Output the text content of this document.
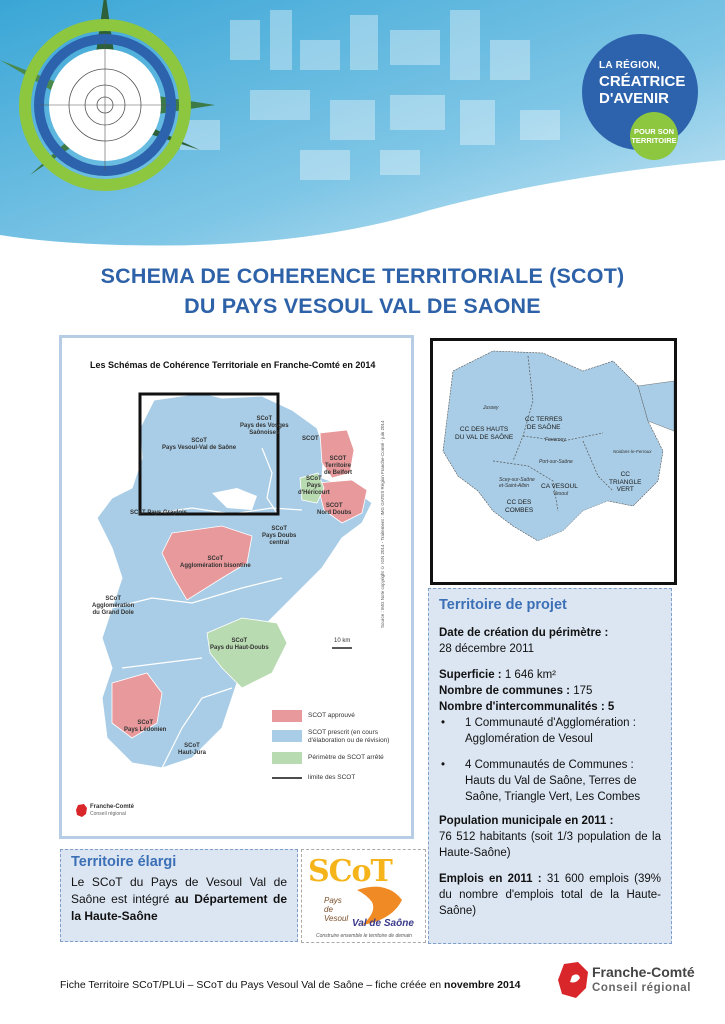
LA RÉGION,
CRÉATRICE
D'AVENIR
POUR SON
TERRITOIRE
SCHEMA DE COHERENCE TERRITORIALE (SCOT)
DU PAYS VESOUL VAL DE SAONE
Les Schémas de Cohérence Territoriale en Franche-Comté en 2014
SCoT
Pays Vesoul-Val de Saône
SCoT
Pays des Vosges
Saônoises
SCOT
Territoire
de Belfort
SCOT
SCoT
Pays
d'Héricourt
SCOT
Nord Doubs
SCoT Pays Graylois
SCoT
Pays Doubs
central
SCoT
Agglomération bisontine
SCoT
Agglomération
du Grand Dole
SCoT
Pays du Haut-Doubs
SCoT
Pays Lédonien
SCoT
Haut-Jura
10 km
SCOT approuvé
SCOT prescrit (en cours
d'élaboration ou de révision)
Périmètre de SCOT arrêté
limite des SCOT
Source : IMG Note copyright © IGN 2014 - Traitement : IMG GATES Région Franche-Comté - juin 2014
Franche-Comté
Conseil régional
CC DES HAUTS
DU VAL DE SAÔNE
CC TERRES
DE SAÔNE
CA VESOUL
CC
TRIANGLE
VERT
CC DES
COMBES
Jussey
Faverney
Port-sur-Saône
Scey-sur-Saône
et-Saint-Albin
Vesoul
Noidans-le-Ferroux
Territoire de projet
Date de création du périmètre :
28 décembre 2011
Superficie : 1 646 km²
Nombre de communes : 175
Nombre d'intercommunalités : 5
• 1 Communauté d'Agglomération : Agglomération de Vesoul
• 4 Communautés de Communes : Hauts du Val de Saône, Terres de Saône, Triangle Vert, Les Combes
Population municipale en 2011 :
76 512 habitants (soit 1/3 population de la Haute-Saône)
Emplois en 2011 : 31 600 emplois (39% du nombre d'emplois total de la Haute-Saône)
Territoire élargi
Le SCoT du Pays de Vesoul Val de Saône est intégré au Département de la Haute-Saône
SCoT
Pays
de
Vesoul Val de Saône
Construire ensemble le territoire de demain
Fiche Territoire SCoT/PLUi – SCoT du Pays Vesoul Val de Saône – fiche créée en novembre 2014
Franche-Comté
Conseil régional
